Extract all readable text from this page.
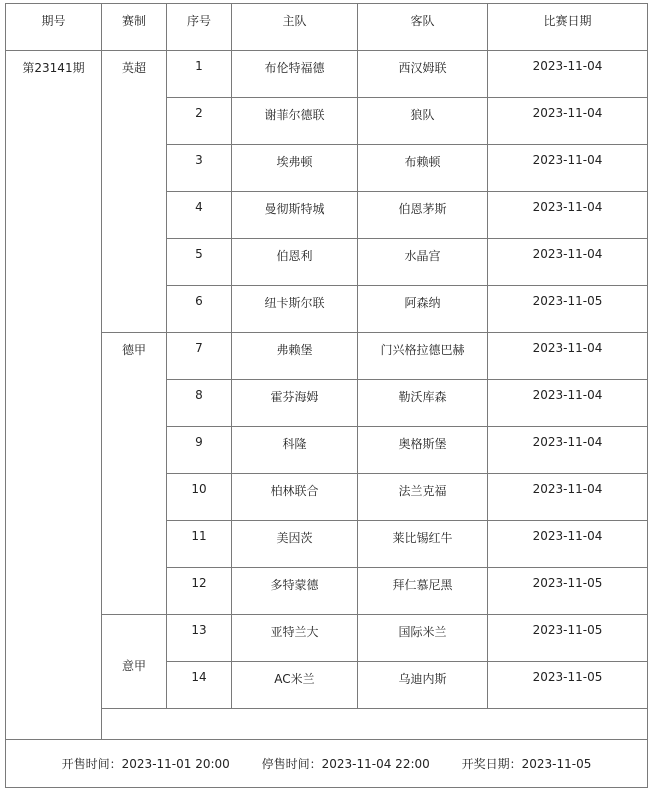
期号	赛制	序号	主队	客队	比赛日期
第23141期	英超	1	布伦特福德	西汉姆联	2023-11-04
		2	谢菲尔德联	狼队	2023-11-04
		3	埃弗顿	布赖顿	2023-11-04
		4	曼彻斯特城	伯恩茅斯	2023-11-04
		5	伯恩利	水晶宫	2023-11-04
		6	纽卡斯尔联	阿森纳	2023-11-05
	德甲	7	弗赖堡	门兴格拉德巴赫	2023-11-04
		8	霍芬海姆	勒沃库森	2023-11-04
		9	科隆	奥格斯堡	2023-11-04
		10	柏林联合	法兰克福	2023-11-04
		11	美因茨	莱比锡红牛	2023-11-04
		12	多特蒙德	拜仁慕尼黑	2023-11-05
	意甲	13	亚特兰大	国际米兰	2023-11-05
		14	AC米兰	乌迪内斯	2023-11-05

开售时间：2023-11-01 20:00 停售时间：2023-11-04 22:00 开奖日期：2023-11-05					
